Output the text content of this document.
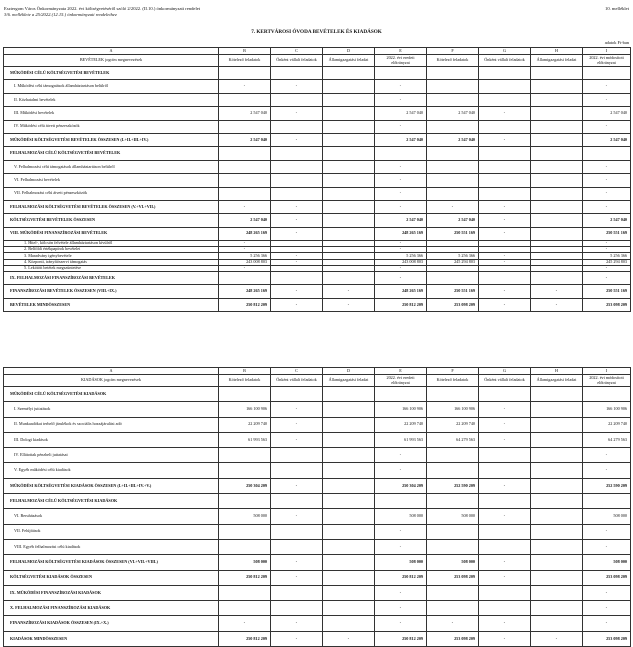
Esztergom Város Önkormányzata 2022. évi költségvetéséről szóló 2/2022. (II.10.) önkormányzati rendelet
3/6. melléklete a 25/2022.(12.15.) önkormányzati rendelethez
10. melléklet
7. KERTVÁROSI ÓVODA BEVÉTELEK ÉS KIADÁSOK
adatok Ft-ban
A	B	C	D	E	F	G	H	I
BEVÉTELEK jogcím megnevezések	Kötelező feladatok	Önként vállalt feladatok	Államigazgatási feladat	2022. évi eredeti előirányzat	Kötelező feladatok	Önként vállalt feladatok	Államigazgatási feladat	2022. évi módosított előirányzat
MŰKÖDÉSI CÉLÚ KÖLTSÉGVETÉSI BEVÉTELEK								
I. Működési célú támogatások államháztartáson belülről	-	-		-				-
II. Közhatalmi bevételek				-				-
III. Működési bevételek	2 547 040	-		2 547 040	2 547 040	-		2 547 040
IV. Működési célú átvett pénzeszközök				-				-
MŰKÖDÉSI KÖLTSÉGVETÉSI BEVÉTELEK ÖSSZESEN (I.+II.+III.+IV.)	2 547 040	-		2 547 040	2 547 040	-		2 547 040
FELHALMOZÁSI CÉLÚ KÖLTSÉGVETÉSI BEVÉTELEK								
V. Felhalmozási célú támogatások államháztartáson belülről				-				-
VI. Felhalmozási bevételek				-				-
VII. Felhalmozási célú átvett pénzeszközök				-				-
FELHALMOZÁSI KÖLTSÉGVETÉSI BEVÉTELEK ÖSSZESEN (V.+VI.+VII.)	-	-		-	-	-		-
KÖLTSÉGVETÉSI BEVÉTELEK ÖSSZESEN	2 547 040	-		2 547 040	2 547 040	-		2 547 040
VIII. MŰKÖDÉSI FINANSZÍROZÁSI BEVÉTELEK	248 265 169	-		248 265 169	250 551 169	-		250 551 169
1. Hitel-, kölcsön felvétele államháztartáson kívülről	-			-				-
2. Belföldi értékpapírok bevételei	-			-				-
3. Maradvány igénybevétele	5 256 366	-		5 256 366	5 256 366	-		5 256 366
4. Központi, irányítószervi támogatás	243 008 803	-		243 008 803	245 294 803	-		245 294 803
5. Lekötött betétek megszüntetése	-			-				-
IX. FELHALMOZÁSI FINANSZÍROZÁSI BEVÉTELEK				-				-
FINANSZÍROZÁSI BEVÉTELEK ÖSSZESEN (VIII.+IX.)	248 265 169	-	-	248 265 169	250 551 169	-	-	250 551 169
BEVÉTELEK MINDÖSSZESEN	250 812 209	-	-	250 812 209	253 098 209	-	-	253 098 209
A	B	C	D	E	F	G	H	I
KIADÁSOK jogcím megnevezések	Kötelező feladatok	Önként vállalt feladatok	Államigazgatási feladat	2022. évi eredeti előirányzat	Kötelező feladatok	Önként vállalt feladatok	Államigazgatási feladat	2022. évi módosított előirányzat
MŰKÖDÉSI CÉLÚ KÖLTSÉGVETÉSI KIADÁSOK								
I. Személyi juttatások	166 100 906	-		166 100 906	166 100 906	-		166 100 906
II. Munkaadókat terhelő járulékok és szociális hozzájárulási adó	22 209 740	-		22 209 740	22 209 740	-		22 209 740
III. Dologi kiadások	61 993 563	-		61 993 563	64 279 563	-		64 279 563
IV. Ellátottak pénzbeli juttatásai				-				-
V. Egyéb működési célú kiadások				-				-
MŰKÖDÉSI KÖLTSÉGVETÉSI KIADÁSOK ÖSSZESEN (I.+II.+III.+IV.+V.)	250 304 209	-		250 304 209	252 590 209	-		252 590 209
FELHALMOZÁSI CÉLÚ KÖLTSÉGVETÉSI KIADÁSOK								
VI. Beruházások	508 000	-		508 000	508 000	-		508 000
VII. Felújítások				-				-
VIII. Egyéb felhalmozási célú kiadások				-				-
FELHALMOZÁSI KÖLTSÉGVETÉSI KIADÁSOK ÖSSZESEN (VI.+VII.+VIII.)	508 000	-		508 000	508 000	-		508 000
KÖLTSÉGVETÉSI KIADÁSOK ÖSSZESEN	250 812 209	-		250 812 209	253 098 209	-		253 098 209
IX. MŰKÖDÉSI FINANSZÍROZÁSI KIADÁSOK				-				-
X. FELHALMOZÁSI FINANSZÍROZÁSI KIADÁSOK				-				-
FINANSZÍROZÁSI KIADÁSOK ÖSSZESEN (IX.+X.)	-	-		-	-	-		-
KIADÁSOK MINDÖSSZESEN	250 812 209	-	-	250 812 209	253 098 209	-	-	253 098 209
